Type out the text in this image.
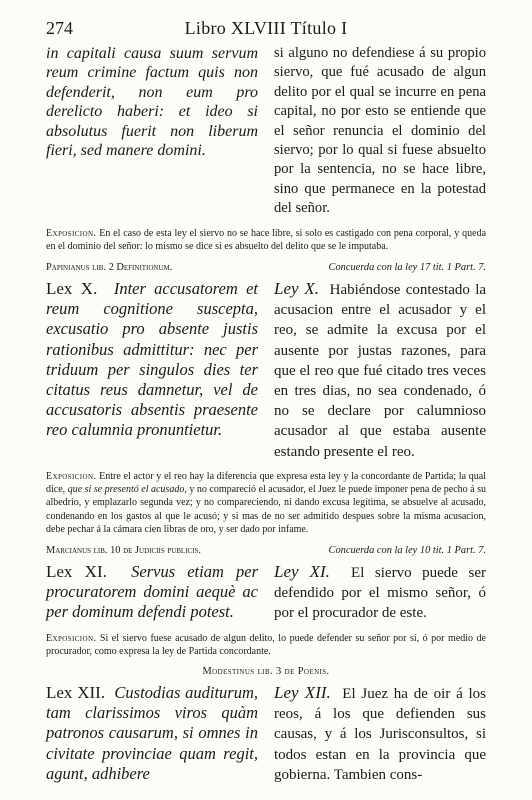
274	Libro XLVIII Título I
in capitali causa suum servum reum crimine factum quis non defenderit, non eum pro derelicto haberi: et ideo si absolutus fuerit non liberum fieri, sed manere domini.
si alguno no defendiese á su propio siervo, que fué acusado de algun delito por el qual se incurre en pena capital, no por esto se entiende que el señor renuncia el dominio del siervo; por lo qual si fuese absuelto por la sentencia, no se hace libre, sino que permanece en la potestad del señor.
Exposicion. En el caso de esta ley el siervo no se hace libre, si solo es castigado con pena corporal, y queda en el dominio del señor: lo mismo se dice si es absuelto del delito que se le imputaba.
Papinianus lib. 2 Definitionum.	Concuerda con la ley 17 tit. 1 Part. 7.
Lex X. Inter accusatorem et reum cognitione suscepta, excusatio pro absente justis rationibus admittitur: nec per triduum per singulos dies ter citatus reus damnetur, vel de accusatoris absentis praesente reo calumnia pronuntietur.
Ley X. Habiéndose contestado la acusacion entre el acusador y el reo, se admite la excusa por el ausente por justas razones, para que el reo que fué citado tres veces en tres dias, no sea condenado, ó no se declare por calumnioso acusador al que estaba ausente estando presente el reo.
Exposicion. Entre el actor y el reo hay la diferencia que expresa esta ley y la concordante de Partida; la qual dice, que si se presentó el acusado, y no compareció el acusador, el Juez le puede imponer pena de pecho á su albedrio, y emplazarlo segunda vez; y no compareciendo, ni dando excusa legítima, se absuelve al acusado, condenando en los gastos al que le acusó; y si mas de no ser admitido despues sobre la misma acusacion, debe pechar á la cámara cien libras de oro, y ser dado por infame.
Marcianus lib. 10 de Judiciis publicis.	Concuerda con la ley 10 tit. 1 Part. 7.
Lex XI. Servus etiam per procuratorem domini aequè ac per dominum defendi potest.
Ley XI. El siervo puede ser defendido por el mismo señor, ó por el procurador de este.
Exposicion. Si el siervo fuese acusado de algun delito, lo puede defender su señor por sí, ó por medio de procurador, como expresa la ley de Partida concordante.
Modestinus lib. 3 de Poenis.
Lex XII. Custodias auditurum, tam clarissimos viros quàm patronos causarum, si omnes in civitate provinciae quam regit, agunt, adhibere
Ley XII. El Juez ha de oir á los reos, á los que defienden sus causas, y á los Jurisconsultos, si todos estan en la provincia que gobierna. Tambien cons-
